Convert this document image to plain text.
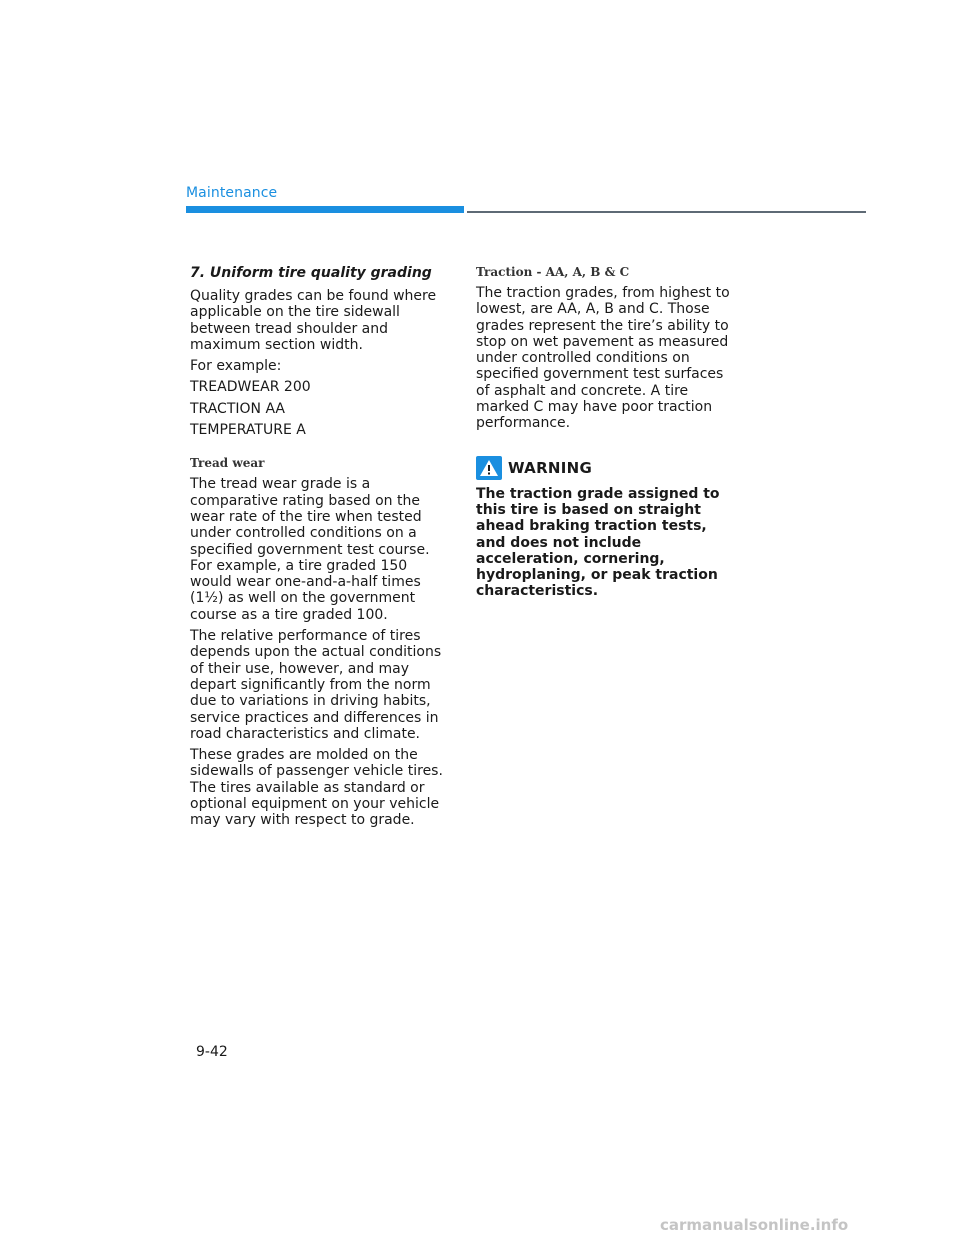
Maintenance
7. Uniform tire quality grading

Quality grades can be found where applicable on the tire sidewall between tread shoulder and maximum section width.

For example:

TREADWEAR 200

TRACTION AA

TEMPERATURE A

Tread wear

The tread wear grade is a comparative rating based on the wear rate of the tire when tested under controlled conditions on a specified government test course. For example, a tire graded 150 would wear one-and-a-half times (1½) as well on the government course as a tire graded 100.

The relative performance of tires depends upon the actual conditions of their use, however, and may depart significantly from the norm due to variations in driving habits, service practices and differences in road characteristics and climate.

These grades are molded on the sidewalls of passenger vehicle tires. The tires available as standard or optional equipment on your vehicle may vary with respect to grade.

Traction - AA, A, B & C

The traction grades, from highest to lowest, are AA, A, B and C. Those grades represent the tire’s ability to stop on wet pavement as measured under controlled conditions on specified government test surfaces of asphalt and concrete. A tire marked C may have poor traction performance.

WARNING

The traction grade assigned to this tire is based on straight ahead braking traction tests, and does not include acceleration, cornering, hydroplaning, or peak traction characteristics.

9-42
carmanualsonline.info
